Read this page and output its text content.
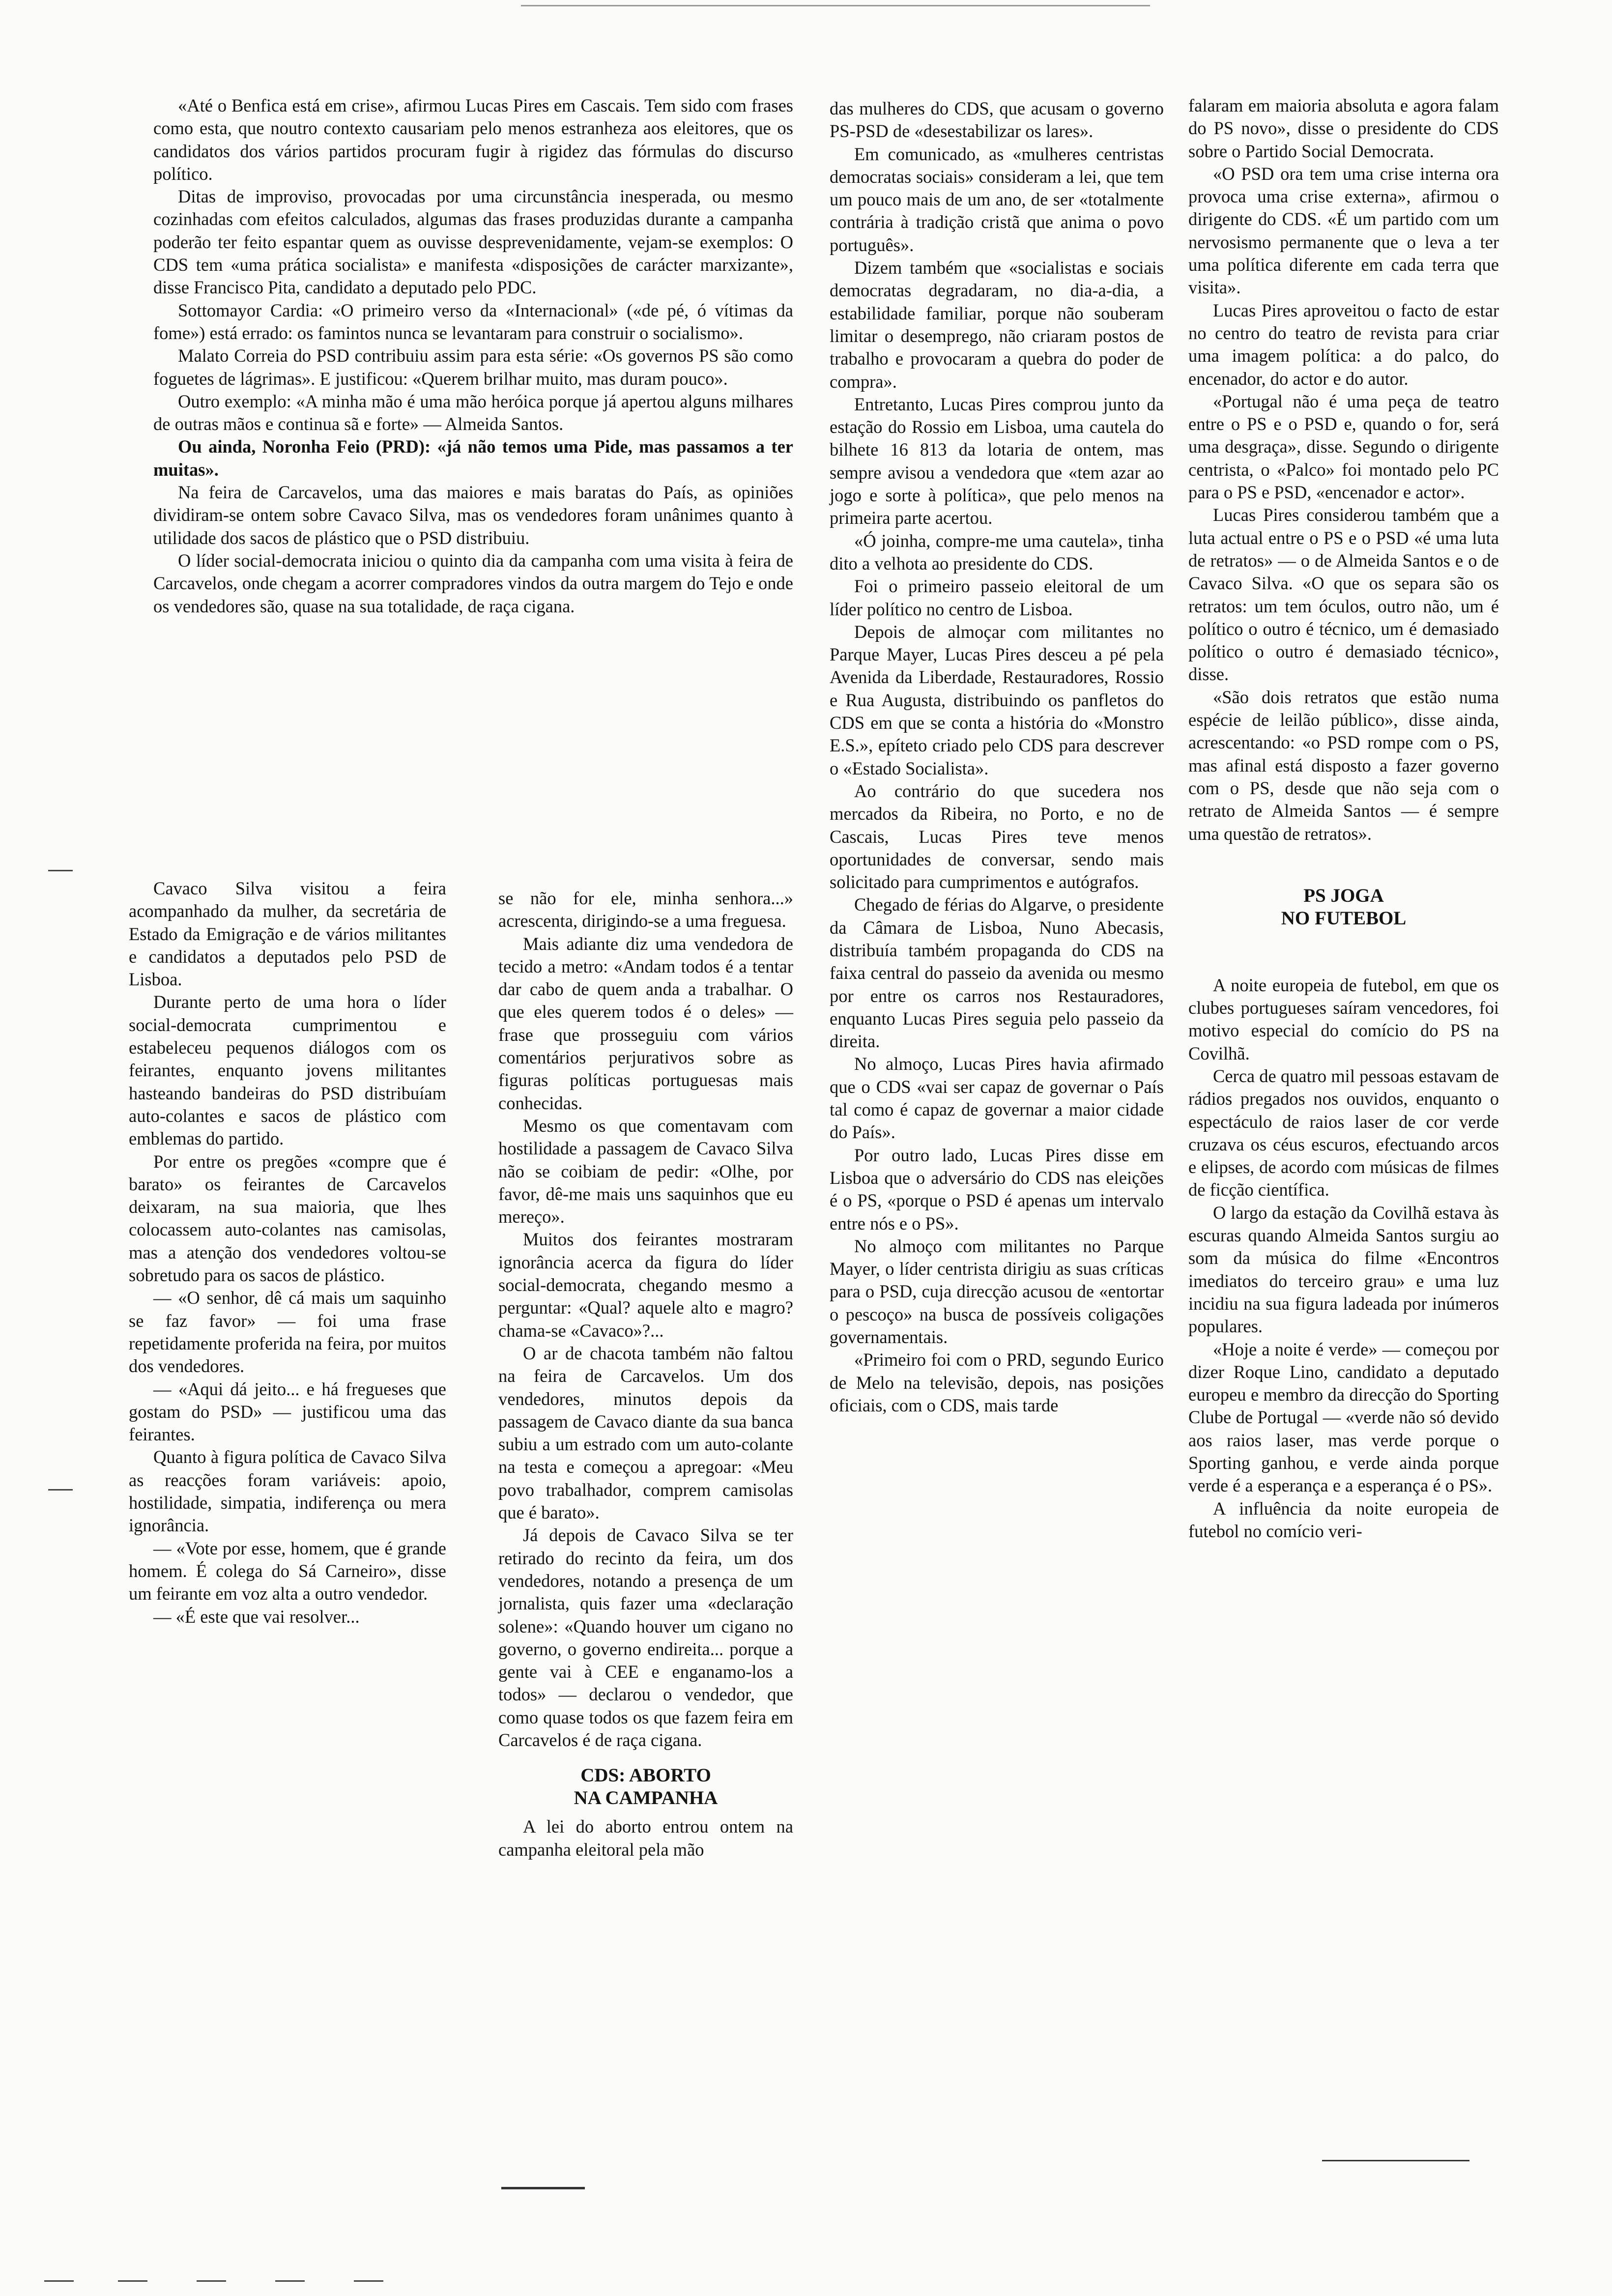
«Até o Benfica está em crise», afirmou Lucas Pires em Cascais. Tem sido com frases como esta, que noutro contexto causariam pelo menos estranheza aos eleitores, que os candidatos dos vários partidos procuram fugir à rigidez das fórmulas do discurso político.

Ditas de improviso, provocadas por uma circunstância inesperada, ou mesmo cozinhadas com efeitos calculados, algumas das frases produzidas durante a campanha poderão ter feito espantar quem as ouvisse desprevenidamente, vejam-se exemplos: O CDS tem «uma prática socialista» e manifesta «disposições de carácter marxizante», disse Francisco Pita, candidato a deputado pelo PDC.

Sottomayor Cardia: «O primeiro verso da «Internacional» («de pé, ó vítimas da fome») está errado: os famintos nunca se levantaram para construir o socialismo».

Malato Correia do PSD contribuiu assim para esta série: «Os governos PS são como foguetes de lágrimas». E justificou: «Querem brilhar muito, mas duram pouco».

Outro exemplo: «A minha mão é uma mão heróica porque já apertou alguns milhares de outras mãos e continua sã e forte» — Almeida Santos.

Ou ainda, Noronha Feio (PRD): «já não temos uma Pide, mas passamos a ter muitas».

Na feira de Carcavelos, uma das maiores e mais baratas do País, as opiniões dividiram-se ontem sobre Cavaco Silva, mas os vendedores foram unânimes quanto à utilidade dos sacos de plástico que o PSD distribuiu.

O líder social-democrata iniciou o quinto dia da campanha com uma visita à feira de Carcavelos, onde chegam a acorrer compradores vindos da outra margem do Tejo e onde os vendedores são, quase na sua totalidade, de raça cigana.

Cavaco Silva visitou a feira acompanhado da mulher, da secretária de Estado da Emigração e de vários militantes e candidatos a deputados pelo PSD de Lisboa.

Durante perto de uma hora o líder social-democrata cumprimentou e estabeleceu pequenos diálogos com os feirantes, enquanto jovens militantes hasteando bandeiras do PSD distribuíam auto-colantes e sacos de plástico com emblemas do partido.

Por entre os pregões «compre que é barato» os feirantes de Carcavelos deixaram, na sua maioria, que lhes colocassem auto-colantes nas camisolas, mas a atenção dos vendedores voltou-se sobretudo para os sacos de plástico.

— «O senhor, dê cá mais um saquinho se faz favor» — foi uma frase repetidamente proferida na feira, por muitos dos vendedores.

— «Aqui dá jeito... e há fregueses que gostam do PSD» — justificou uma das feirantes.

Quanto à figura política de Cavaco Silva as reacções foram variáveis: apoio, hostilidade, simpatia, indiferença ou mera ignorância.

— «Vote por esse, homem, que é grande homem. É colega do Sá Carneiro», disse um feirante em voz alta a outro vendedor.

— «É este que vai resolver...

se não for ele, minha senhora...» acrescenta, dirigindo-se a uma freguesa.

Mais adiante diz uma vendedora de tecido a metro: «Andam todos é a tentar dar cabo de quem anda a trabalhar. O que eles querem todos é o deles» — frase que prosseguiu com vários comentários perjurativos sobre as figuras políticas portuguesas mais conhecidas.

Mesmo os que comentavam com hostilidade a passagem de Cavaco Silva não se coibiam de pedir: «Olhe, por favor, dê-me mais uns saquinhos que eu mereço».

Muitos dos feirantes mostraram ignorância acerca da figura do líder social-democrata, chegando mesmo a perguntar: «Qual? aquele alto e magro? chama-se «Cavaco»?...

O ar de chacota também não faltou na feira de Carcavelos. Um dos vendedores, minutos depois da passagem de Cavaco diante da sua banca subiu a um estrado com um auto-colante na testa e começou a apregoar: «Meu povo trabalhador, comprem camisolas que é barato».

Já depois de Cavaco Silva se ter retirado do recinto da feira, um dos vendedores, notando a presença de um jornalista, quis fazer uma «declaração solene»: «Quando houver um cigano no governo, o governo endireita... porque a gente vai à CEE e enganamo-los a todos» — declarou o vendedor, que como quase todos os que fazem feira em Carcavelos é de raça cigana.

CDS: ABORTO

NA CAMPANHA

A lei do aborto entrou ontem na campanha eleitoral pela mão

das mulheres do CDS, que acusam o governo PS-PSD de «desestabilizar os lares».

Em comunicado, as «mulheres centristas democratas sociais» consideram a lei, que tem um pouco mais de um ano, de ser «totalmente contrária à tradição cristã que anima o povo português».

Dizem também que «socialistas e sociais democratas degradaram, no dia-a-dia, a estabilidade familiar, porque não souberam limitar o desemprego, não criaram postos de trabalho e provocaram a quebra do poder de compra».

Entretanto, Lucas Pires comprou junto da estação do Rossio em Lisboa, uma cautela do bilhete 16 813 da lotaria de ontem, mas sempre avisou a vendedora que «tem azar ao jogo e sorte à política», que pelo menos na primeira parte acertou.

«Ó joinha, compre-me uma cautela», tinha dito a velhota ao presidente do CDS.

Foi o primeiro passeio eleitoral de um líder político no centro de Lisboa.

Depois de almoçar com militantes no Parque Mayer, Lucas Pires desceu a pé pela Avenida da Liberdade, Restauradores, Rossio e Rua Augusta, distribuindo os panfletos do CDS em que se conta a história do «Monstro E.S.», epíteto criado pelo CDS para descrever o «Estado Socialista».

Ao contrário do que sucedera nos mercados da Ribeira, no Porto, e no de Cascais, Lucas Pires teve menos oportunidades de conversar, sendo mais solicitado para cumprimentos e autógrafos.

Chegado de férias do Algarve, o presidente da Câmara de Lisboa, Nuno Abecasis, distribuía também propaganda do CDS na faixa central do passeio da avenida ou mesmo por entre os carros nos Restauradores, enquanto Lucas Pires seguia pelo passeio da direita.

No almoço, Lucas Pires havia afirmado que o CDS «vai ser capaz de governar o País tal como é capaz de governar a maior cidade do País».

Por outro lado, Lucas Pires disse em Lisboa que o adversário do CDS nas eleições é o PS, «porque o PSD é apenas um intervalo entre nós e o PS».

No almoço com militantes no Parque Mayer, o líder centrista dirigiu as suas críticas para o PSD, cuja direcção acusou de «entortar o pescoço» na busca de possíveis coligações governamentais.

«Primeiro foi com o PRD, segundo Eurico de Melo na televisão, depois, nas posições oficiais, com o CDS, mais tarde

falaram em maioria absoluta e agora falam do PS novo», disse o presidente do CDS sobre o Partido Social Democrata.

«O PSD ora tem uma crise interna ora provoca uma crise externa», afirmou o dirigente do CDS. «É um partido com um nervosismo permanente que o leva a ter uma política diferente em cada terra que visita».

Lucas Pires aproveitou o facto de estar no centro do teatro de revista para criar uma imagem política: a do palco, do encenador, do actor e do autor.

«Portugal não é uma peça de teatro entre o PS e o PSD e, quando o for, será uma desgraça», disse. Segundo o dirigente centrista, o «Palco» foi montado pelo PC para o PS e PSD, «encenador e actor».

Lucas Pires considerou também que a luta actual entre o PS e o PSD «é uma luta de retratos» — o de Almeida Santos e o de Cavaco Silva. «O que os separa são os retratos: um tem óculos, outro não, um é político o outro é técnico, um é demasiado político o outro é demasiado técnico», disse.

«São dois retratos que estão numa espécie de leilão público», disse ainda, acrescentando: «o PSD rompe com o PS, mas afinal está disposto a fazer governo com o PS, desde que não seja com o retrato de Almeida Santos — é sempre uma questão de retratos».

PS JOGA

NO FUTEBOL

A noite europeia de futebol, em que os clubes portugueses saíram vencedores, foi motivo especial do comício do PS na Covilhã.

Cerca de quatro mil pessoas estavam de rádios pregados nos ouvidos, enquanto o espectáculo de raios laser de cor verde cruzava os céus escuros, efectuando arcos e elipses, de acordo com músicas de filmes de ficção científica.

O largo da estação da Covilhã estava às escuras quando Almeida Santos surgiu ao som da música do filme «Encontros imediatos do terceiro grau» e uma luz incidiu na sua figura ladeada por inúmeros populares.

«Hoje a noite é verde» — começou por dizer Roque Lino, candidato a deputado europeu e membro da direcção do Sporting Clube de Portugal — «verde não só devido aos raios laser, mas verde porque o Sporting ganhou, e verde ainda porque verde é a esperança e a esperança é o PS».

A influência da noite europeia de futebol no comício veri-
